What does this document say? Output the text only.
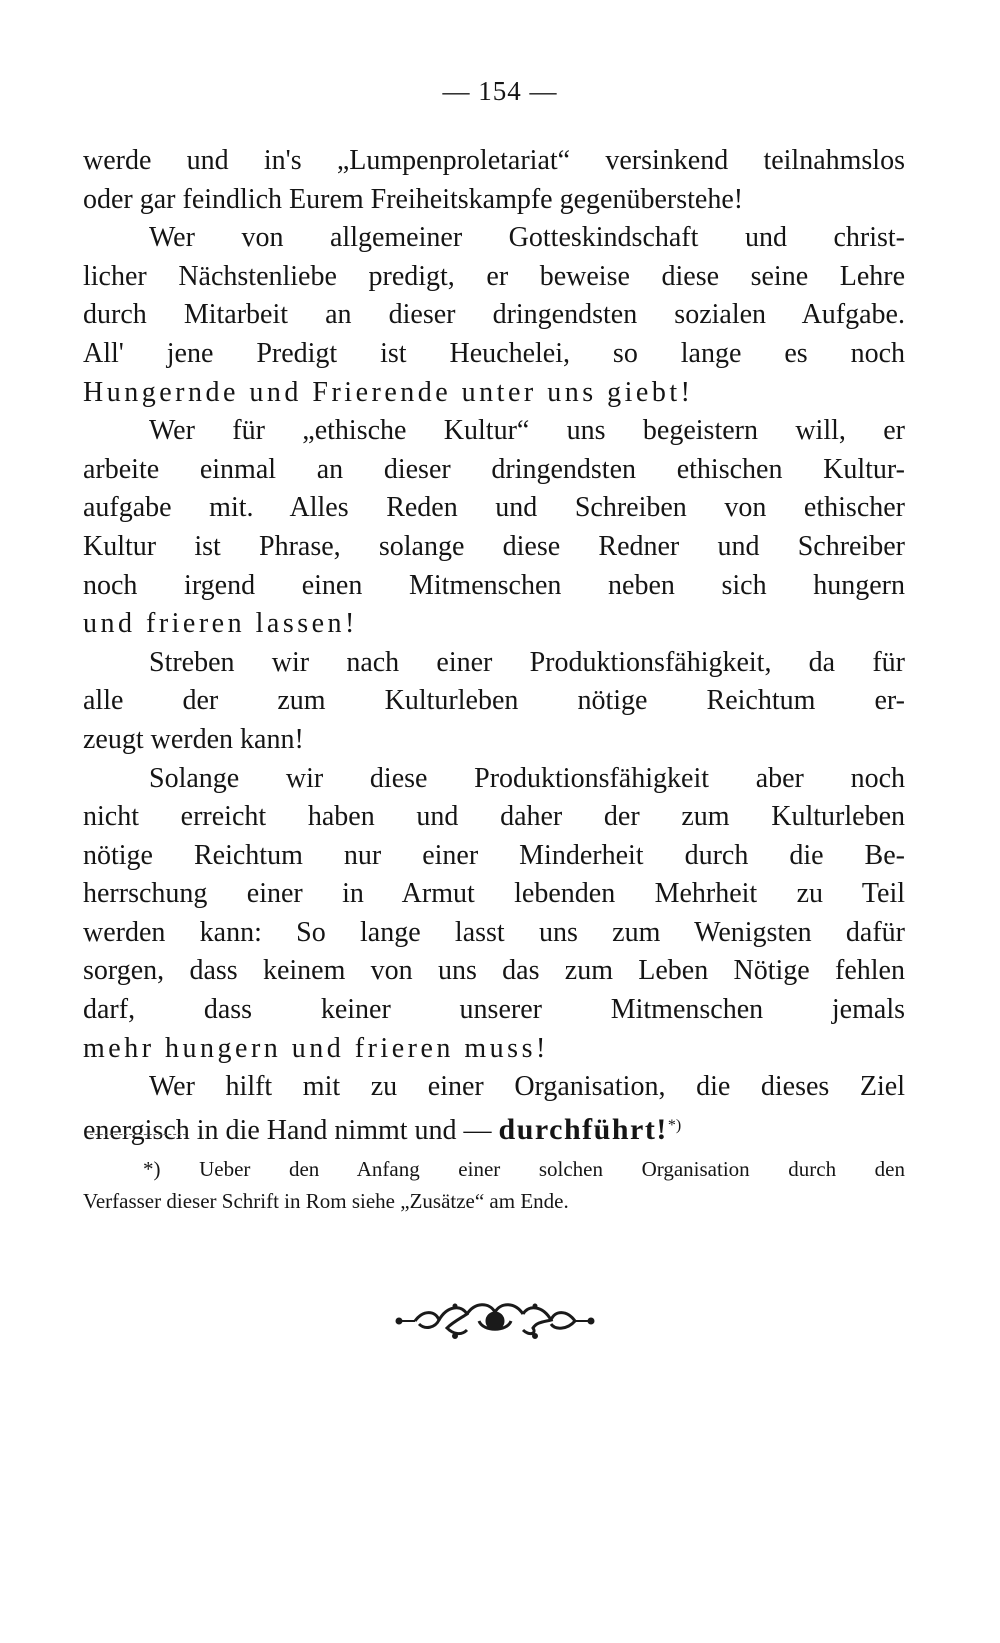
— 154 —
werde und in's „Lumpenproletariat“ versinkend teilnahmslos
oder gar feindlich Eurem Freiheitskampfe gegenüberstehe!
Wer von allgemeiner Gotteskindschaft und christ-
licher Nächstenliebe predigt, er beweise diese seine Lehre
durch Mitarbeit an dieser dringendsten sozialen Aufgabe.
All' jene Predigt ist Heuchelei, so lange es noch
Hungernde und Frierende unter uns giebt!
Wer für „ethische Kultur“ uns begeistern will, er
arbeite einmal an dieser dringendsten ethischen Kultur-
aufgabe mit. Alles Reden und Schreiben von ethischer
Kultur ist Phrase, solange diese Redner und Schreiber
noch irgend einen Mitmenschen neben sich hungern
und frieren lassen!
Streben wir nach einer Produktionsfähigkeit, da für
alle der zum Kulturleben nötige Reichtum er-
zeugt werden kann!
Solange wir diese Produktionsfähigkeit aber noch
nicht erreicht haben und daher der zum Kulturleben
nötige Reichtum nur einer Minderheit durch die Be-
herrschung einer in Armut lebenden Mehrheit zu Teil
werden kann: So lange lasst uns zum Wenigsten dafür
sorgen, dass keinem von uns das zum Leben Nötige fehlen
darf, dass keiner unserer Mitmenschen jemals
mehr hungern und frieren muss!
Wer hilft mit zu einer Organisation, die dieses Ziel
energisch in die Hand nimmt und — durchführt!*)
*) Ueber den Anfang einer solchen Organisation durch den
Verfasser dieser Schrift in Rom siehe „Zusätze“ am Ende.
